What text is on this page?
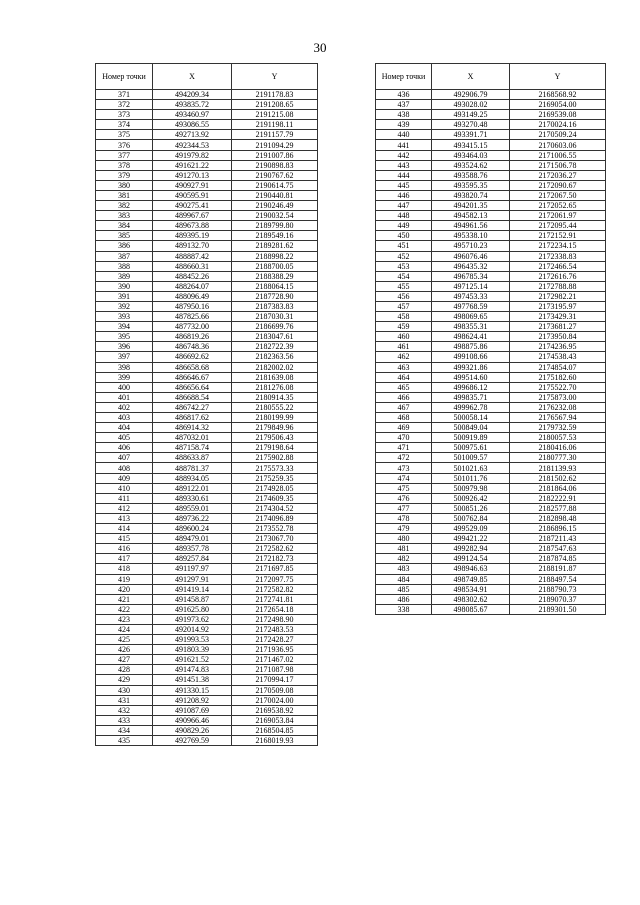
30
Номер точки	X	Y
371	494209.34	2191178.83
372	493835.72	2191208.65
373	493460.97	2191215.08
374	493086.55	2191198.11
375	492713.92	2191157.79
376	492344.53	2191094.29
377	491979.82	2191007.86
378	491621.22	2190898.83
379	491270.13	2190767.62
380	490927.91	2190614.75
381	490595.91	2190440.81
382	490275.41	2190246.49
383	489967.67	2190032.54
384	489673.88	2189799.80
385	489395.19	2189549.16
386	489132.70	2189281.62
387	488887.42	2188998.22
388	488660.31	2188700.05
389	488452.26	2188388.29
390	488264.07	2188064.15
391	488096.49	2187728.90
392	487950.16	2187383.83
393	487825.66	2187030.31
394	487732.00	2186699.76
395	486819.26	2183047.61
396	486748.36	2182722.39
397	486692.62	2182363.56
398	486658.68	2182002.02
399	486646.67	2181639.08
400	486656.64	2181276.08
401	486688.54	2180914.35
402	486742.27	2180555.22
403	486817.62	2180199.99
404	486914.32	2179849.96
405	487032.01	2179506.43
406	487158.74	2179198.64
407	488633.87	2175902.88
408	488781.37	2175573.33
409	488934.05	2175259.35
410	489122.01	2174928.05
411	489330.61	2174609.35
412	489559.01	2174304.52
413	489736.22	2174096.89
414	489600.24	2173552.78
415	489479.01	2173067.70
416	489357.78	2172582.62
417	489257.84	2172182.73
418	491197.97	2171697.85
419	491297.91	2172097.75
420	491419.14	2172582.82
421	491458.87	2172741.81
422	491625.80	2172654.18
423	491973.62	2172498.90
424	492014.92	2172483.53
425	491993.53	2172428.27
426	491803.39	2171936.95
427	491621.52	2171467.02
428	491474.83	2171087.98
429	491451.38	2170994.17
430	491330.15	2170509.08
431	491208.92	2170024.00
432	491087.69	2169538.92
433	490966.46	2169053.84
434	490829.26	2168504.85
435	492769.59	2168019.93
Номер точки	X	Y
436	492906.79	2168568.92
437	493028.02	2169054.00
438	493149.25	2169539.08
439	493270.48	2170024.16
440	493391.71	2170509.24
441	493415.15	2170603.06
442	493464.03	2171006.55
443	493524.62	2171506.78
444	493588.76	2172036.27
445	493595.35	2172090.67
446	493820.74	2172067.50
447	494201.35	2172052.65
448	494582.13	2172061.97
449	494961.56	2172095.44
450	495338.10	2172152.91
451	495710.23	2172234.15
452	496076.46	2172338.83
453	496435.32	2172466.54
454	496785.34	2172616.76
455	497125.14	2172788.88
456	497453.33	2172982.21
457	497768.59	2173195.97
458	498069.65	2173429.31
459	498355.31	2173681.27
460	498624.41	2173950.84
461	498875.86	2174236.95
462	499108.66	2174538.43
463	499321.86	2174854.07
464	499514.60	2175182.60
465	499686.12	2175522.70
466	499835.71	2175873.00
467	499962.78	2176232.08
468	500058.14	2176567.94
469	500849.04	2179732.59
470	500919.89	2180057.53
471	500975.61	2180416.06
472	501009.57	2180777.30
473	501021.63	2181139.93
474	501011.76	2181502.62
475	500979.98	2181864.06
476	500926.42	2182222.91
477	500851.26	2182577.88
478	500762.84	2182898.48
479	499529.09	2186896.15
480	499421.22	2187211.43
481	499282.94	2187547.63
482	499124.54	2187874.85
483	498946.63	2188191.87
484	498749.85	2188497.54
485	498534.91	2188790.73
486	498302.62	2189070.37
338	498085.67	2189301.50
